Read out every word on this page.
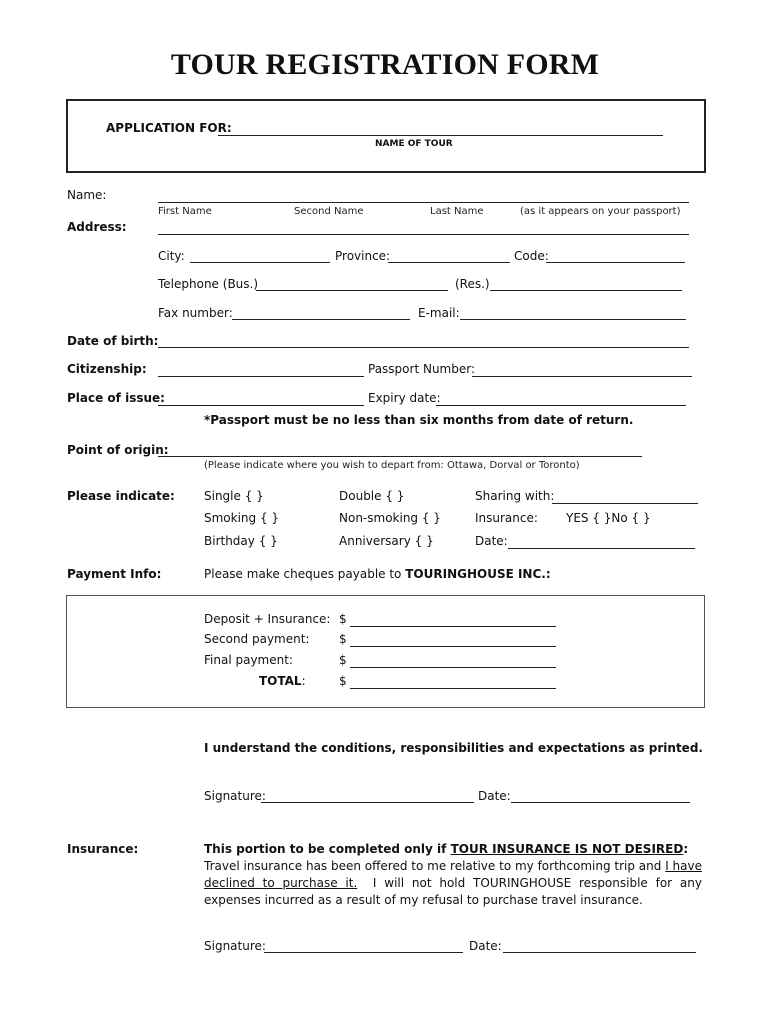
TOUR REGISTRATION FORM
APPLICATION FOR:
NAME OF TOUR
Name:
First Name	Second Name	Last Name	(as it appears on your passport)
Address:
City:	Province:	Code:
Telephone (Bus.)	(Res.)
Fax number:	E-mail:
Date of birth:
Citizenship:	Passport Number:
Place of issue:	Expiry date:
*Passport must be no less than six months from date of return.
Point of origin:
(Please indicate where you wish to depart from: Ottawa, Dorval or Toronto)
Please indicate: Single { }	Double { }	Sharing with:
Smoking { }	Non-smoking { }	Insurance: YES { }No { }
Birthday { }	Anniversary { }	Date:
Payment Info:	Please make cheques payable to TOURINGHOUSE INC.:
Deposit + Insurance: $
Second payment: $
Final payment:	$
TOTAL:	$
I understand the conditions, responsibilities and expectations as printed.
Signature:	Date:
Insurance:	This portion to be completed only if TOUR INSURANCE IS NOT DESIRED:
Travel insurance has been offered to me relative to my forthcoming trip and I have declined to purchase it. I will not hold TOURINGHOUSE responsible for any expenses incurred as a result of my refusal to purchase travel insurance.
Signature:	Date:
